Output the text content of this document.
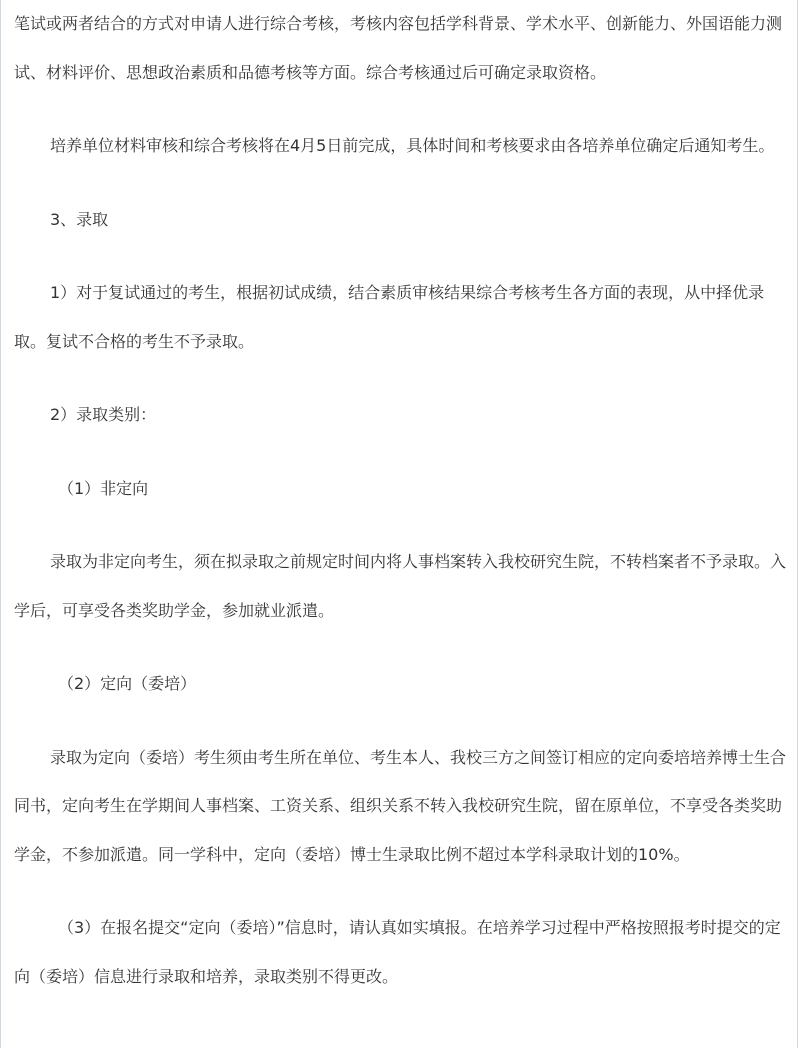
笔试或两者结合的方式对申请人进行综合考核，考核内容包括学科背景、学术水平、创新能力、外国语能力测试、材料评价、思想政治素质和品德考核等方面。综合考核通过后可确定录取资格。

培养单位材料审核和综合考核将在4月5日前完成，具体时间和考核要求由各培养单位确定后通知考生。

3、录取

1）对于复试通过的考生，根据初试成绩，结合素质审核结果综合考核考生各方面的表现，从中择优录取。复试不合格的考生不予录取。

2）录取类别：

（1）非定向

录取为非定向考生，须在拟录取之前规定时间内将人事档案转入我校研究生院，不转档案者不予录取。入学后，可享受各类奖助学金，参加就业派遣。

（2）定向（委培）

录取为定向（委培）考生须由考生所在单位、考生本人、我校三方之间签订相应的定向委培培养博士生合同书，定向考生在学期间人事档案、工资关系、组织关系不转入我校研究生院，留在原单位，不享受各类奖助学金，不参加派遣。同一学科中，定向（委培）博士生录取比例不超过本学科录取计划的10%。

（3）在报名提交“定向（委培）”信息时，请认真如实填报。在培养学习过程中严格按照报考时提交的定向（委培）信息进行录取和培养，录取类别不得更改。
